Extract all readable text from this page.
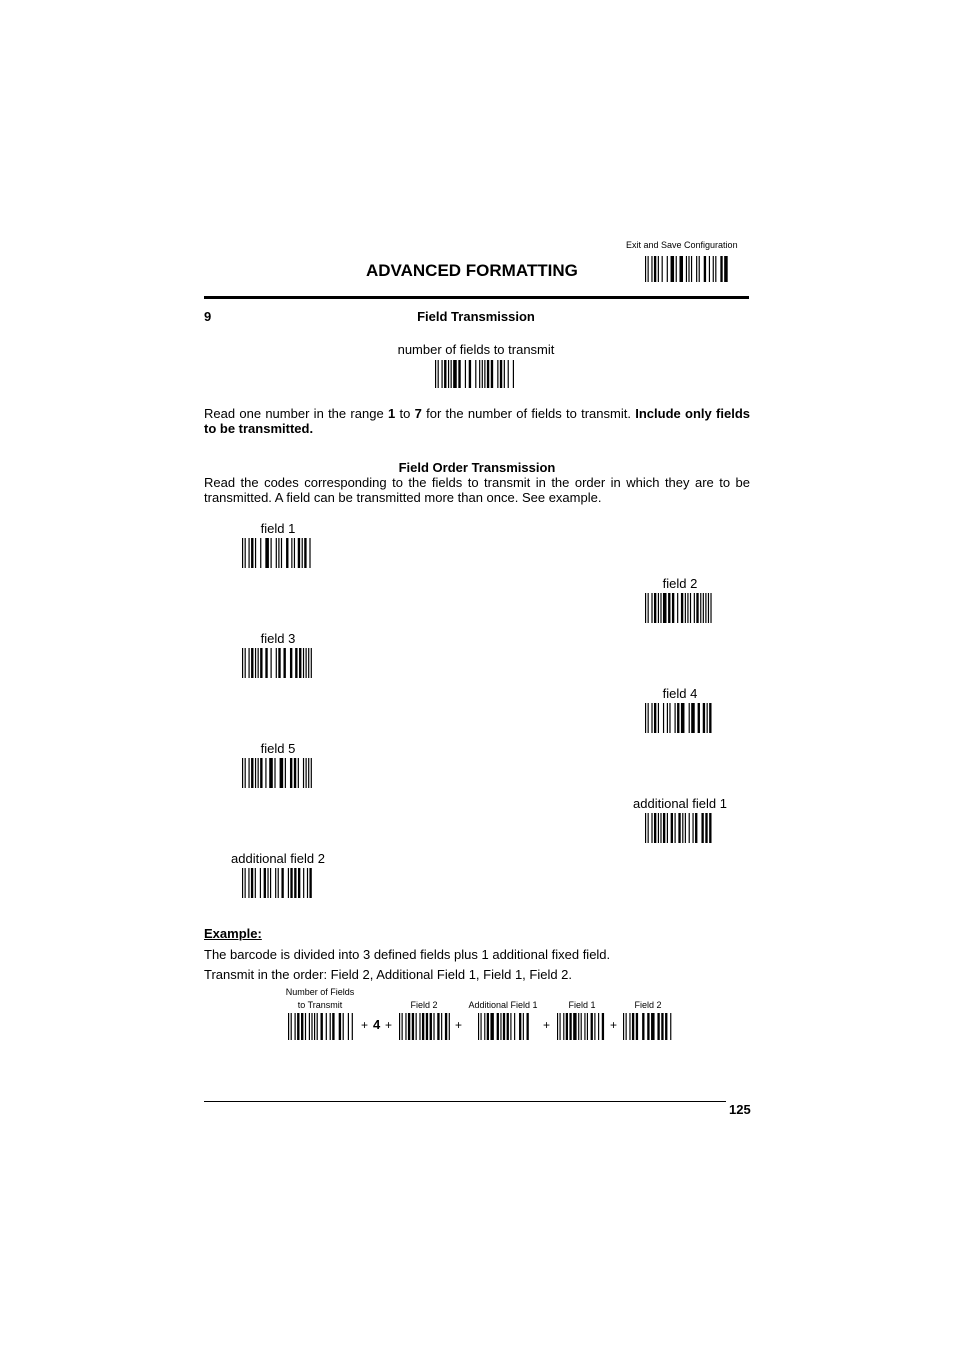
Exit and Save Configuration
ADVANCED FORMATTING
9	Field Transmission
number of fields to transmit
Read one number in the range 1 to 7 for the number of fields to transmit. Include only fields to be transmitted.
Field Order Transmission
Read the codes corresponding to the fields to transmit in the order in which they are to be transmitted. A field can be transmitted more than once. See example.
field 1
field 2
field 3
field 4
field 5
additional field 1
additional field 2
Example:
The barcode is divided into 3 defined fields plus 1 additional fixed field.
Transmit in the order: Field 2, Additional Field 1, Field 1, Field 2.
Number of Fields
to Transmit	Field 2	Additional Field 1	Field 1	Field 2
+ 4 +	+	+	+
125
